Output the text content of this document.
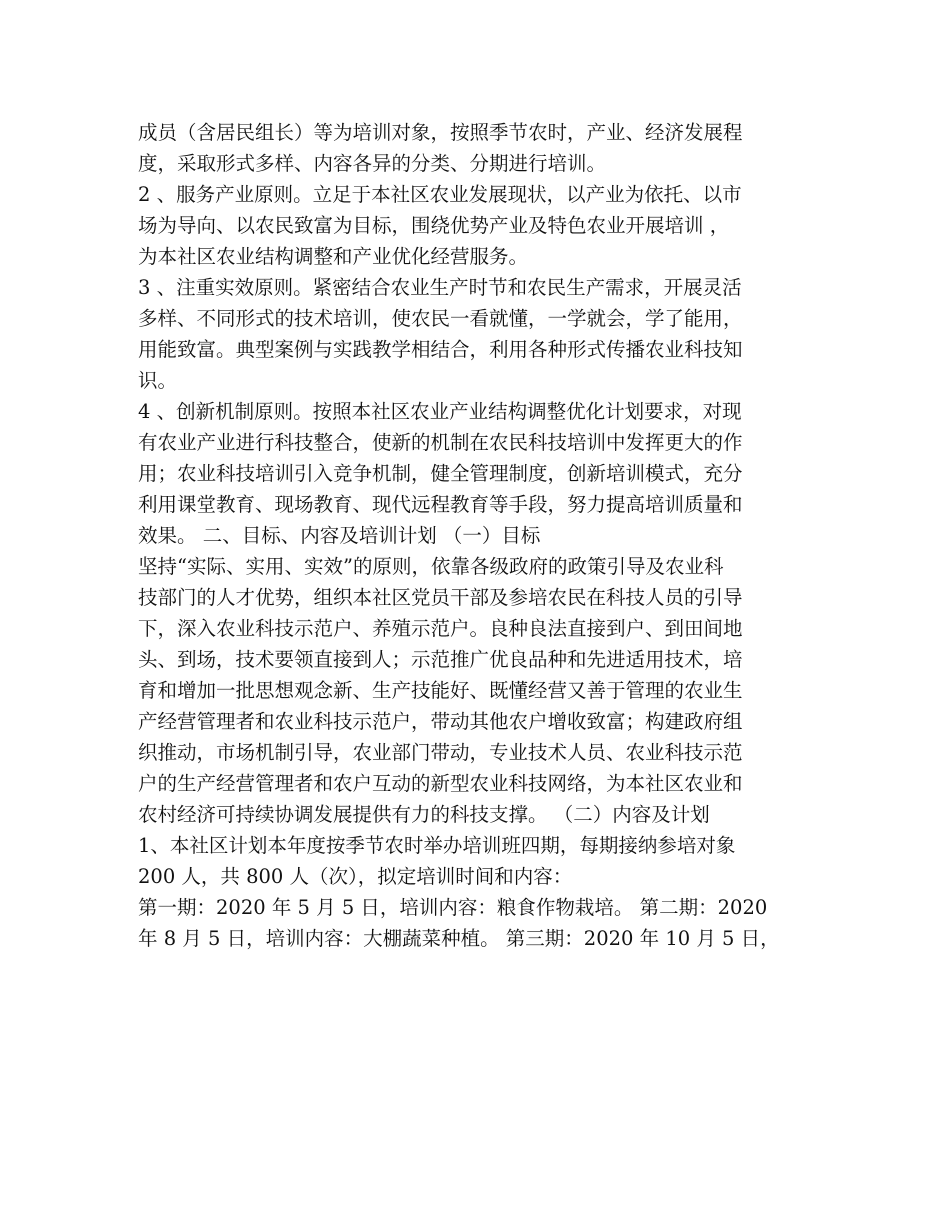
成员（含居民组长）等为培训对象，按照季节农时，产业、经济发展程
度，采取形式多样、内容各异的分类、分期进行培训。
2 、服务产业原则。立足于本社区农业发展现状，以产业为依托、以市
场为导向、以农民致富为目标，围绕优势产业及特色农业开展培训 ，
为本社区农业结构调整和产业优化经营服务。
3 、注重实效原则。紧密结合农业生产时节和农民生产需求，开展灵活
多样、不同形式的技术培训，使农民一看就懂，一学就会，学了能用，
用能致富。典型案例与实践教学相结合，利用各种形式传播农业科技知
识。
4 、创新机制原则。按照本社区农业产业结构调整优化计划要求，对现
有农业产业进行科技整合，使新的机制在农民科技培训中发挥更大的作
用；农业科技培训引入竞争机制，健全管理制度，创新培训模式，充分
利用课堂教育、现场教育、现代远程教育等手段，努力提高培训质量和
效果。 二、目标、内容及培训计划 （一）目标
坚持“实际、实用、实效”的原则，依靠各级政府的政策引导及农业科
技部门的人才优势，组织本社区党员干部及参培农民在科技人员的引导
下，深入农业科技示范户、养殖示范户。良种良法直接到户、到田间地
头、到场，技术要领直接到人；示范推广优良品种和先进适用技术，培
育和增加一批思想观念新、生产技能好、既懂经营又善于管理的农业生
产经营管理者和农业科技示范户，带动其他农户增收致富；构建政府组
织推动，市场机制引导，农业部门带动，专业技术人员、农业科技示范
户的生产经营管理者和农户互动的新型农业科技网络，为本社区农业和
农村经济可持续协调发展提供有力的科技支撑。 （二）内容及计划
1、本社区计划本年度按季节农时举办培训班四期，每期接纳参培对象
200 人，共 800 人（次），拟定培训时间和内容：
第一期：2020 年 5 月 5 日，培训内容：粮食作物栽培。 第二期：2020
年 8 月 5 日，培训内容：大棚蔬菜种植。 第三期：2020 年 10 月 5 日，
